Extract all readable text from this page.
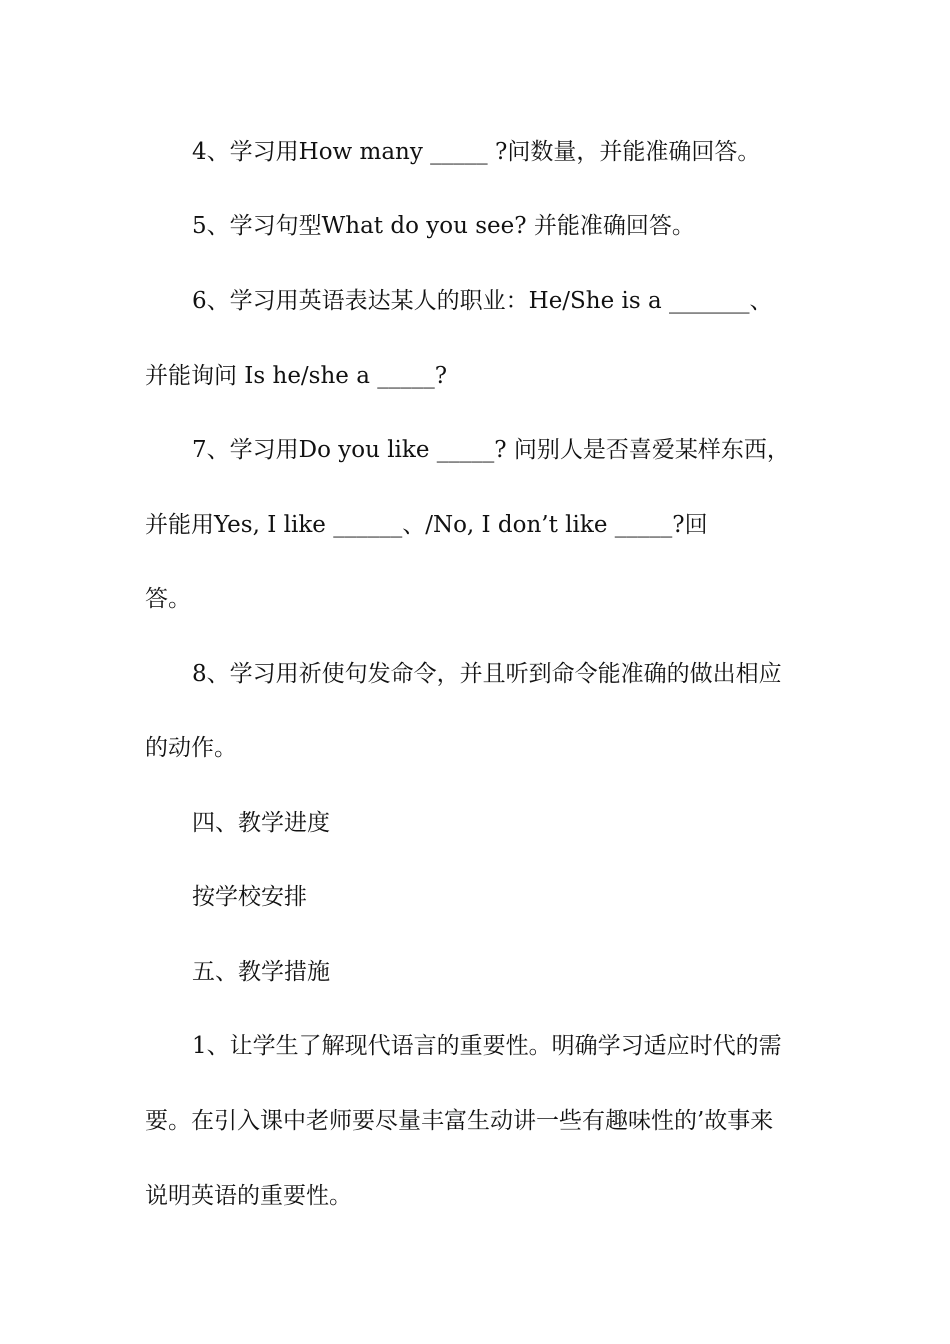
4、学习用How many _____ ?问数量，并能准确回答。
5、学习句型What do you see? 并能准确回答。
6、学习用英语表达某人的职业：He/She is a _______、
并能询问 Is he/she a _____?
7、学习用Do you like _____? 问别人是否喜爱某样东西，
并能用Yes, I like ______、/No, I don’t like _____?回
答。
8、学习用祈使句发命令，并且听到命令能准确的做出相应
的动作。
四、教学进度
按学校安排
五、教学措施
1、让学生了解现代语言的重要性。明确学习适应时代的需
要。在引入课中老师要尽量丰富生动讲一些有趣味性的’故事来
说明英语的重要性。
